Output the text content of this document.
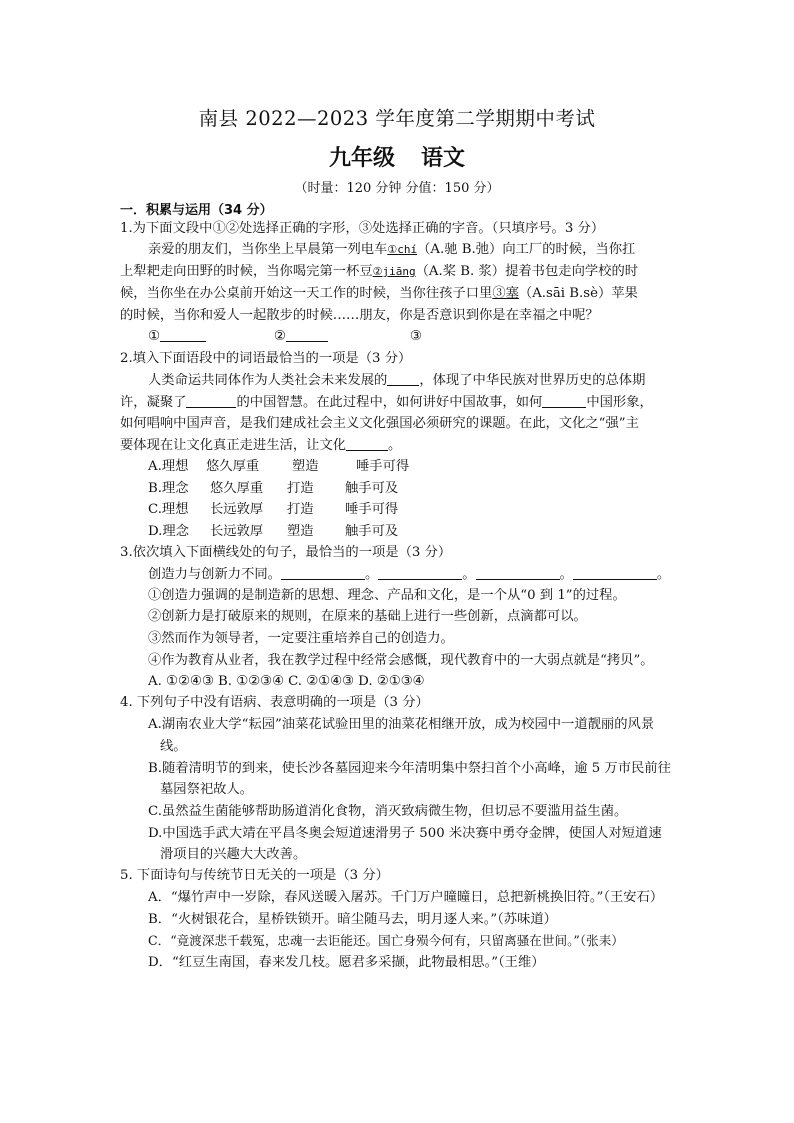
南县 2022—2023 学年度第二学期期中考试
九年级 语文
（时量：120 分钟 分值：150 分）
一．积累与运用（34 分）
1.为下面文段中①②处选择正确的字形，③处选择正确的字音。（只填序号。3 分）
亲爱的朋友们，当你坐上早晨第一列电车①chí（A.驰 B.弛）向工厂的时候，当你扛
上犁耙走向田野的时候，当你喝完第一杯豆②jiāng（A.桨 B. 浆）提着书包走向学校的时
候，当你坐在办公桌前开始这一天工作的时候，当你往孩子口里③塞（A.sāi B.sè）苹果
的时候，当你和爱人一起散步的时候……朋友，你是否意识到你是在幸福之中呢？
①	②	③
2.填入下面语段中的词语最恰当的一项是（3 分）
人类命运共同体作为人类社会未来发展的 ，体现了中华民族对世界历史的总体期
许，凝聚了	的中国智慧。在此过程中，如何讲好中国故事，如何	中国形象，
如何唱响中国声音，是我们建成社会主义文化强国必须研究的课题。在此，文化之“强”主
要体现在让文化真正走进生活，让文化	。
A.理想 悠久厚重 塑造	唾手可得
B.理念 悠久厚重 打造 触手可及
C.理想 长远敦厚 打造 唾手可得
D.理念 长远敦厚 塑造 触手可及
3.依次填入下面横线处的句子，最恰当的一项是（3 分）
创造力与创新力不同。	。	。	。	。
①创造力强调的是制造新的思想、理念、产品和文化，是一个从“0 到 1”的过程。
②创新力是打破原来的规则，在原来的基础上进行一些创新，点滴都可以。
③然而作为领导者，一定要注重培养自己的创造力。
④作为教育从业者，我在教学过程中经常会感慨，现代教育中的一大弱点就是“拷贝”。
A. ①②④③ B. ①②③④ C. ②①④③ D. ②①③④
4. 下列句子中没有语病、表意明确的一项是（3 分）
A.湖南农业大学“耘园”油菜花试验田里的油菜花相继开放，成为校园中一道靓丽的风景
线。
B.随着清明节的到来，使长沙各墓园迎来今年清明集中祭扫首个小高峰，逾 5 万市民前往
墓园祭祀故人。
C.虽然益生菌能够帮助肠道消化食物，消灭致病微生物，但切忌不要滥用益生菌。
D.中国选手武大靖在平昌冬奥会短道速滑男子 500 米决赛中勇夺金牌，使国人对短道速
滑项目的兴趣大大改善。
5. 下面诗句与传统节日无关的一项是（3 分）
A．“爆竹声中一岁除，春风送暖入屠苏。千门万户曈曈日，总把新桃换旧符。”（王安石）
B．“火树银花合，星桥铁锁开。暗尘随马去，明月逐人来。”（苏味道）
C．“竟渡深悲千载冤，忠魂一去讵能还。国亡身殒今何有，只留离骚在世间。”（张耒）
D．“红豆生南国，春来发几枝。愿君多采撷，此物最相思。”（王维）
